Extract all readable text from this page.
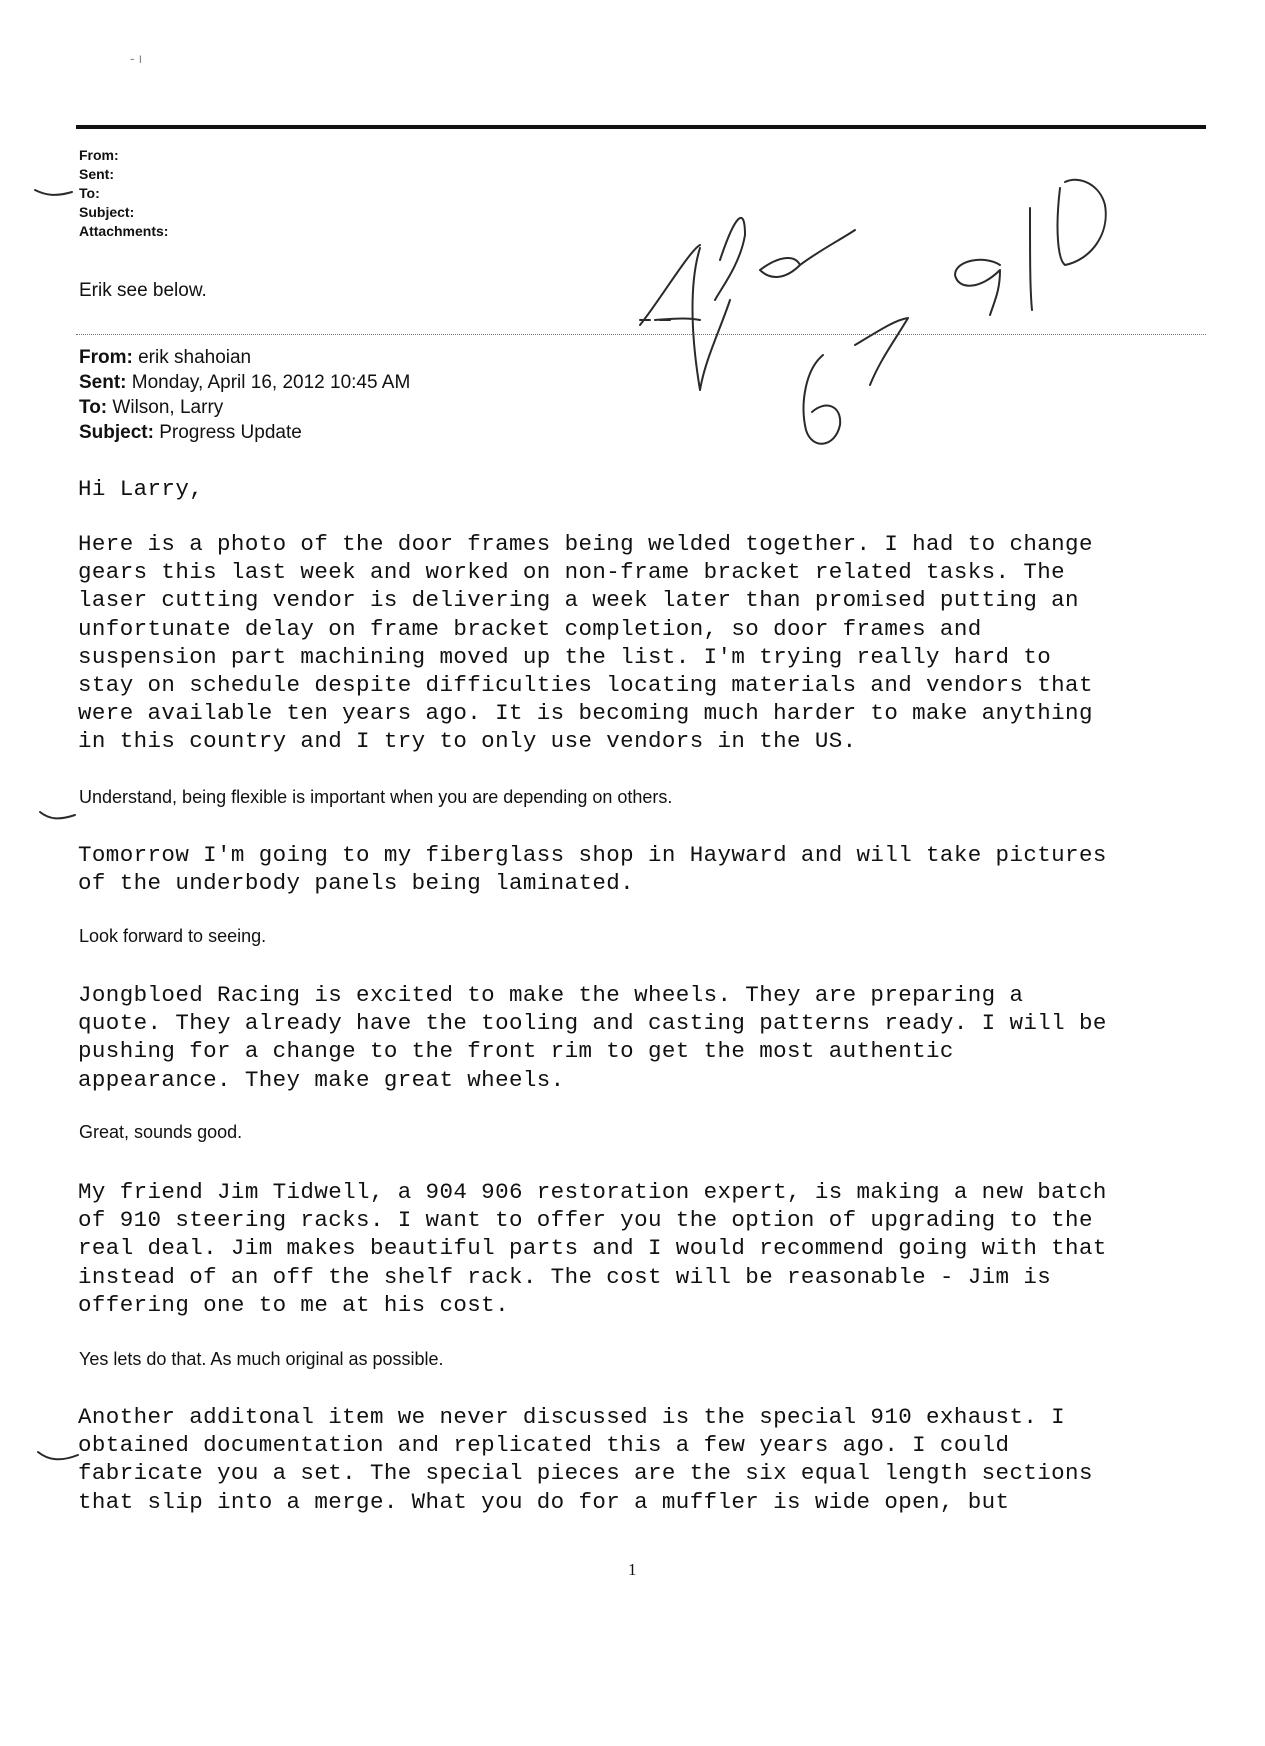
- ı
From:
Sent:
To:
Subject:
Attachments:
Erik see below.
From: erik shahoian
Sent: Monday, April 16, 2012 10:45 AM
To: Wilson, Larry
Subject: Progress Update
Hi Larry,
Here is a photo of the door frames being welded together. I had to change
gears this last week and worked on non-frame bracket related tasks. The
laser cutting vendor is delivering a week later than promised putting an
unfortunate delay on frame bracket completion, so door frames and
suspension part machining moved up the list. I'm trying really hard to
stay on schedule despite difficulties locating materials and vendors that
were available ten years ago. It is becoming much harder to make anything
in this country and I try to only use vendors in the US.
Understand, being flexible is important when you are depending on others.
Tomorrow I'm going to my fiberglass shop in Hayward and will take pictures
of the underbody panels being laminated.
Look forward to seeing.
Jongbloed Racing is excited to make the wheels. They are preparing a
quote. They already have the tooling and casting patterns ready. I will be
pushing for a change to the front rim to get the most authentic
appearance. They make great wheels.
Great, sounds good.
My friend Jim Tidwell, a 904 906 restoration expert, is making a new batch
of 910 steering racks. I want to offer you the option of upgrading to the
real deal. Jim makes beautiful parts and I would recommend going with that
instead of an off the shelf rack. The cost will be reasonable - Jim is
offering one to me at his cost.
Yes lets do that. As much original as possible.
Another additonal item we never discussed is the special 910 exhaust. I
obtained documentation and replicated this a few years ago. I could
fabricate you a set. The special pieces are the six equal length sections
that slip into a merge. What you do for a muffler is wide open, but
1
